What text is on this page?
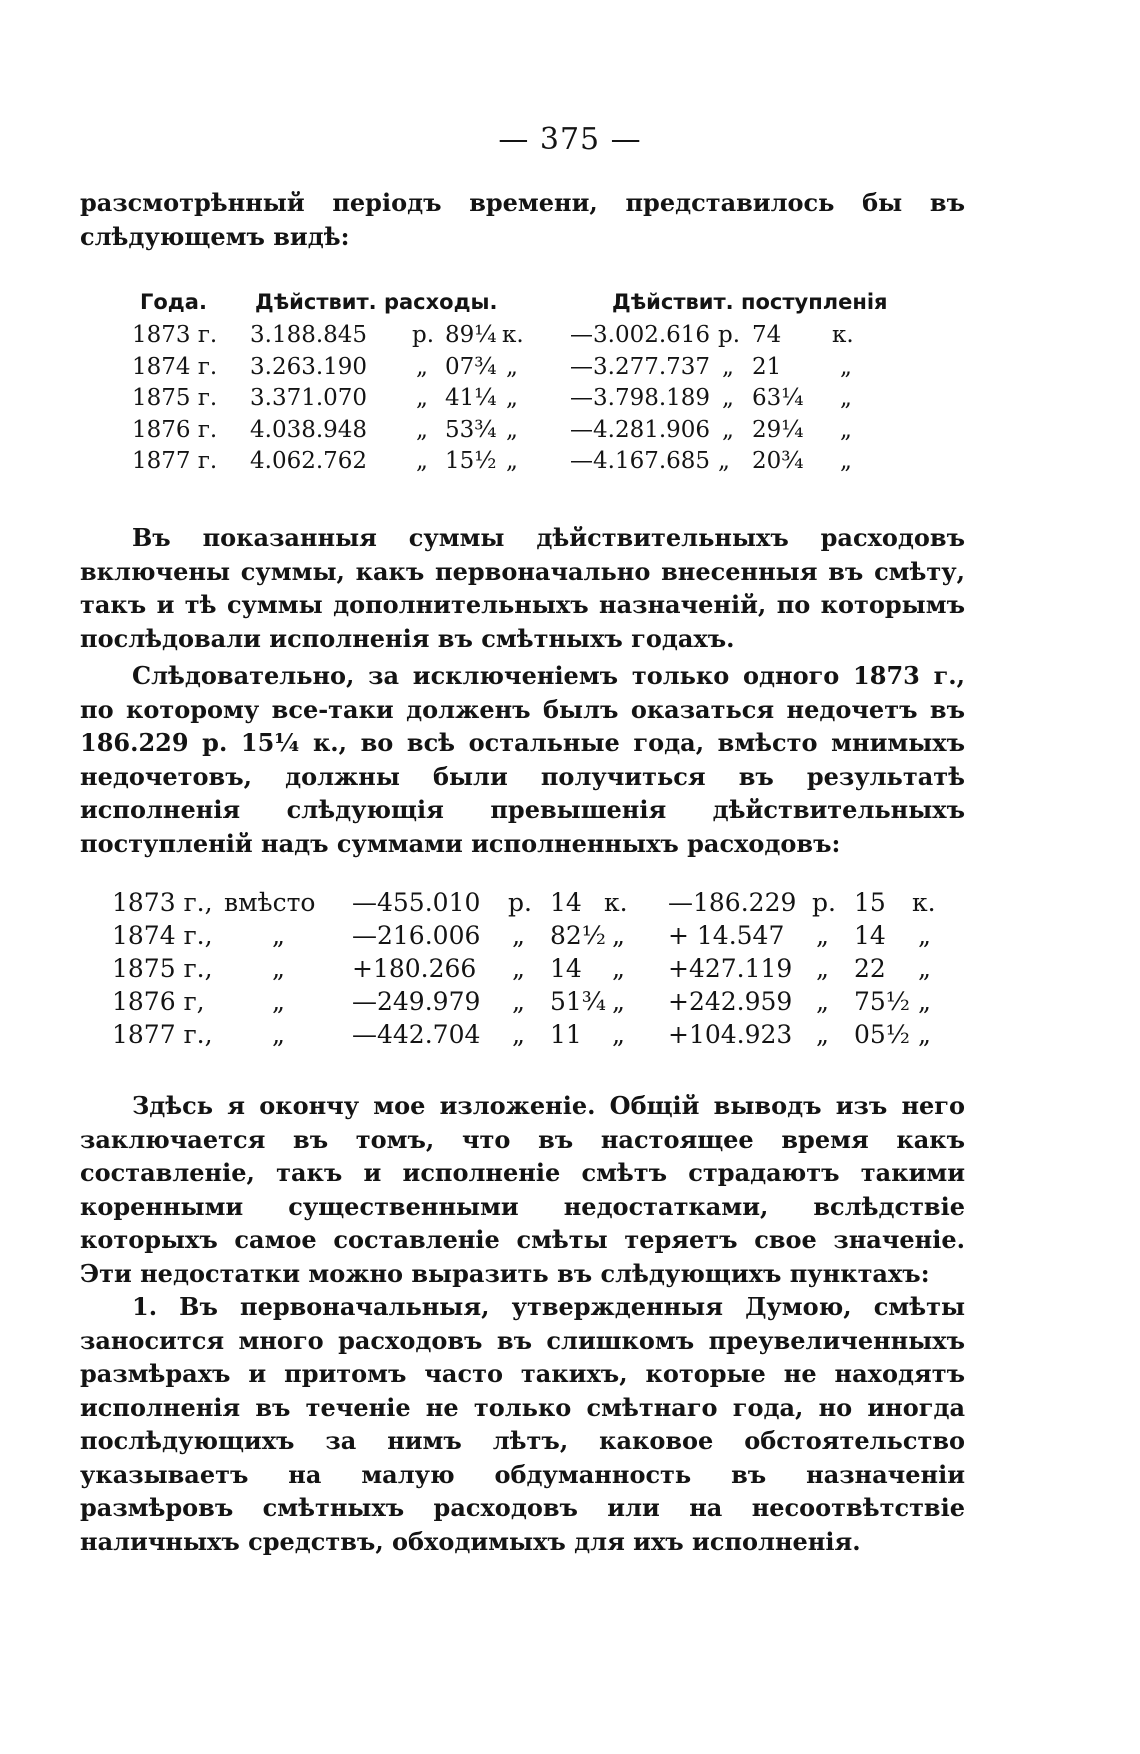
— 375 —
разсмотрѣнный періодъ времени, представилось бы въ слѣдующемъ видѣ:
Года. Дѣйствит. расходы.	Дѣйствит. поступленія
1873 г. 3.188.845 р. 89¼ к. —3.002.616 р. 74 к.
1874 г. 3.263.190 „ 07¾ „ —3.277.737 „ 21	„
1875 г. 3.371.070 „ 41¼ „ —3.798.189 „ 63¼ „
1876 г. 4.038.948 „ 53¾ „ —4.281.906 „ 29¼ „
1877 г. 4.062.762 „ 15½ „ —4.167.685 „ 20¾ „
Въ показанныя суммы дѣйствительныхъ расходовъ включены суммы, какъ первоначально внесенныя въ смѣту, такъ и тѣ суммы дополнительныхъ назначеній, по которымъ послѣдовали исполненія въ смѣтныхъ годахъ.
Слѣдовательно, за исключеніемъ только одного 1873 г., по которому все-таки долженъ былъ оказаться недочетъ въ 186.229 р. 15¼ к., во всѣ остальные года, вмѣсто мнимыхъ недочетовъ, должны были получиться въ результатѣ исполненія слѣдующія превышенія дѣйствительныхъ поступленій надъ суммами исполненныхъ расходовъ:
1873 г., вмѣсто —455.010 р. 14 к. —186.229 р. 15 к.
1874 г., „	—216.006 „ 82½ „ + 14.547 „ 14 „
1875 г., „	+180.266 „ 14 „ +427.119 „ 22 „
1876 г,	„	—249.979 „ 51¾ „ +242.959 „ 75½ „
1877 г., „	—442.704 „ 11 „ +104.923 „ 05½ „
Здѣсь я окончу мое изложеніе. Общій выводъ изъ него заключается въ томъ, что въ настоящее время какъ составленіе, такъ и исполненіе смѣтъ страдаютъ такими коренными существенными недостатками, вслѣдствіе которыхъ самое составленіе смѣты теряетъ свое значеніе. Эти недостатки можно выразить въ слѣдующихъ пунктахъ:
1. Въ первоначальныя, утвержденныя Думою, смѣты заносится много расходовъ въ слишкомъ преувеличенныхъ размѣрахъ и притомъ часто такихъ, которые не находятъ исполненія въ теченіе не только смѣтнаго года, но иногда послѣдующихъ за нимъ лѣтъ, каковое обстоятельство указываетъ на малую обдуманность въ назначеніи размѣровъ смѣтныхъ расходовъ или на несоотвѣтствіе наличныхъ средствъ, обходимыхъ для ихъ исполненія.
